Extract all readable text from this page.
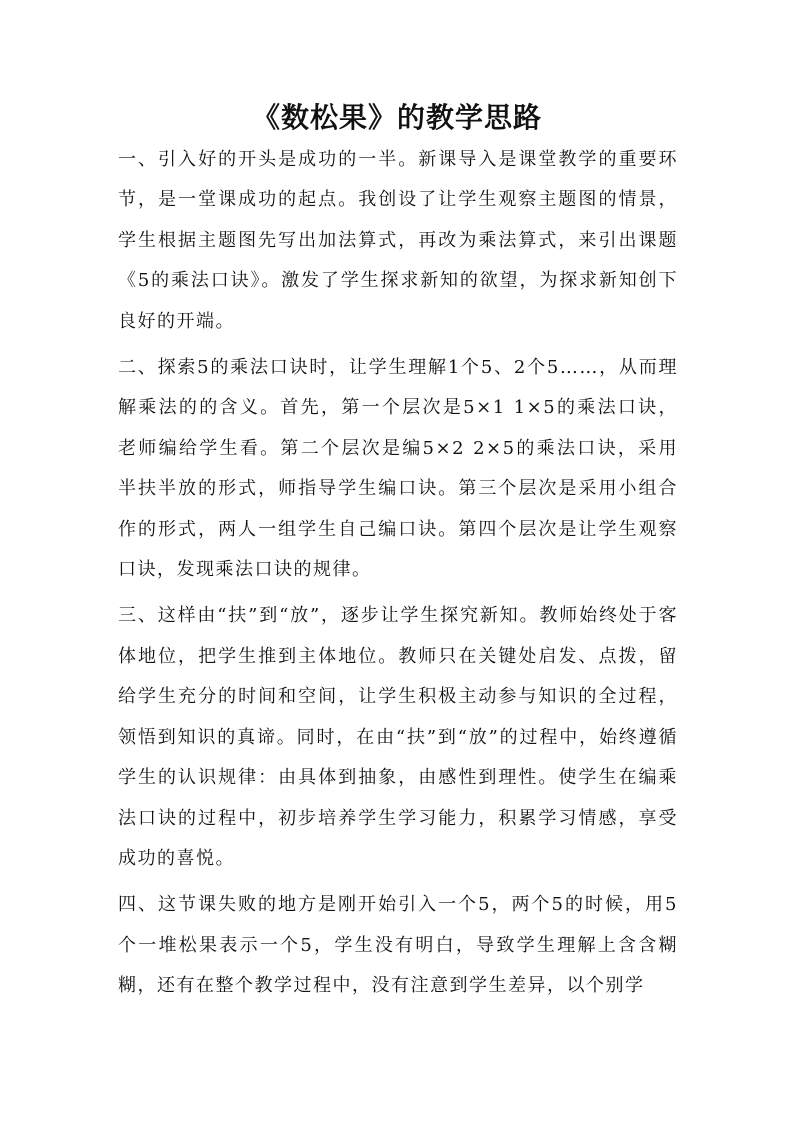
《数松果》的教学思路

一、引入好的开头是成功的一半。新课导入是课堂教学的重要环节，是一堂课成功的起点。我创设了让学生观察主题图的情景，学生根据主题图先写出加法算式，再改为乘法算式，来引出课题《5的乘法口诀》。激发了学生探求新知的欲望，为探求新知创下良好的开端。

二、探索5的乘法口诀时，让学生理解1个5、2个5……，从而理解乘法的的含义。首先，第一个层次是5×1 1×5的乘法口诀，老师编给学生看。第二个层次是编5×2 2×5的乘法口诀，采用半扶半放的形式，师指导学生编口诀。第三个层次是采用小组合作的形式，两人一组学生自己编口诀。第四个层次是让学生观察口诀，发现乘法口诀的规律。

三、这样由“扶”到“放”，逐步让学生探究新知。教师始终处于客体地位，把学生推到主体地位。教师只在关键处启发、点拨，留给学生充分的时间和空间，让学生积极主动参与知识的全过程，领悟到知识的真谛。同时，在由“扶”到“放”的过程中，始终遵循学生的认识规律：由具体到抽象，由感性到理性。使学生在编乘法口诀的过程中，初步培养学生学习能力，积累学习情感，享受成功的喜悦。

四、这节课失败的地方是刚开始引入一个5，两个5的时候，用5个一堆松果表示一个5，学生没有明白，导致学生理解上含含糊糊，还有在整个教学过程中，没有注意到学生差异，以个别学
